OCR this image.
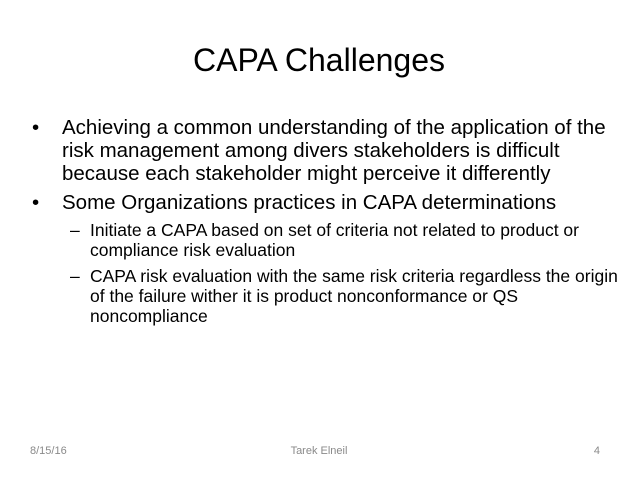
CAPA Challenges
• Achieving a common understanding of the application of the risk management among divers stakeholders is difficult because each stakeholder might perceive it differently
• Some Organizations practices in CAPA determinations
– Initiate a CAPA based on set of criteria not related to product or compliance risk evaluation
– CAPA risk evaluation with the same risk criteria regardless the origin of the failure wither it is product nonconformance or QS noncompliance
8/15/16	Tarek Elneil	4
